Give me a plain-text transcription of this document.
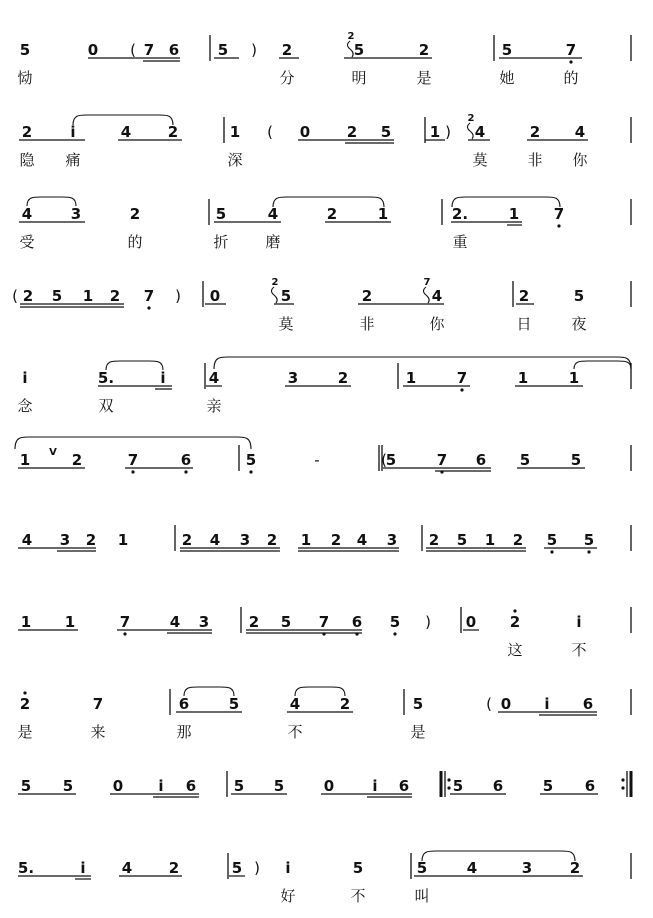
5	0 ( 7 6	5 ) 2	5	2	5	7
2
恸	分	明	是	她	的
2	i	4 2	1 ( 0 2 5	1 ) 4	2 4
2
隐 痛	深	莫	非 你
4	3	2	5	4	2	1	2.	1 7
受	的	折 磨	重
( 2 5 1 2 7 ) 0	5	2	4	2	5
2	7
莫	非	你	日	夜
i	5.	i	4	3	2	1	7	1	1
念	双	亲
1	2	7	6	5	-	(
5	7 6 5	5
V
4 3 2 1	2 4 3 2 1 2 4 3 2 5 1 2 5 5
1 1	7	4 3	2 5 7 6 5 ) 0 2	i
这	不
2	7	6	5	4	2	5	( 0 i 6
是	来	那	不	是
5 5	0 i 6	5 5	0	i 6	5 6	5 6
5.	i 4 2	5 ) i	5	5	4	3	2
好	不	叫
